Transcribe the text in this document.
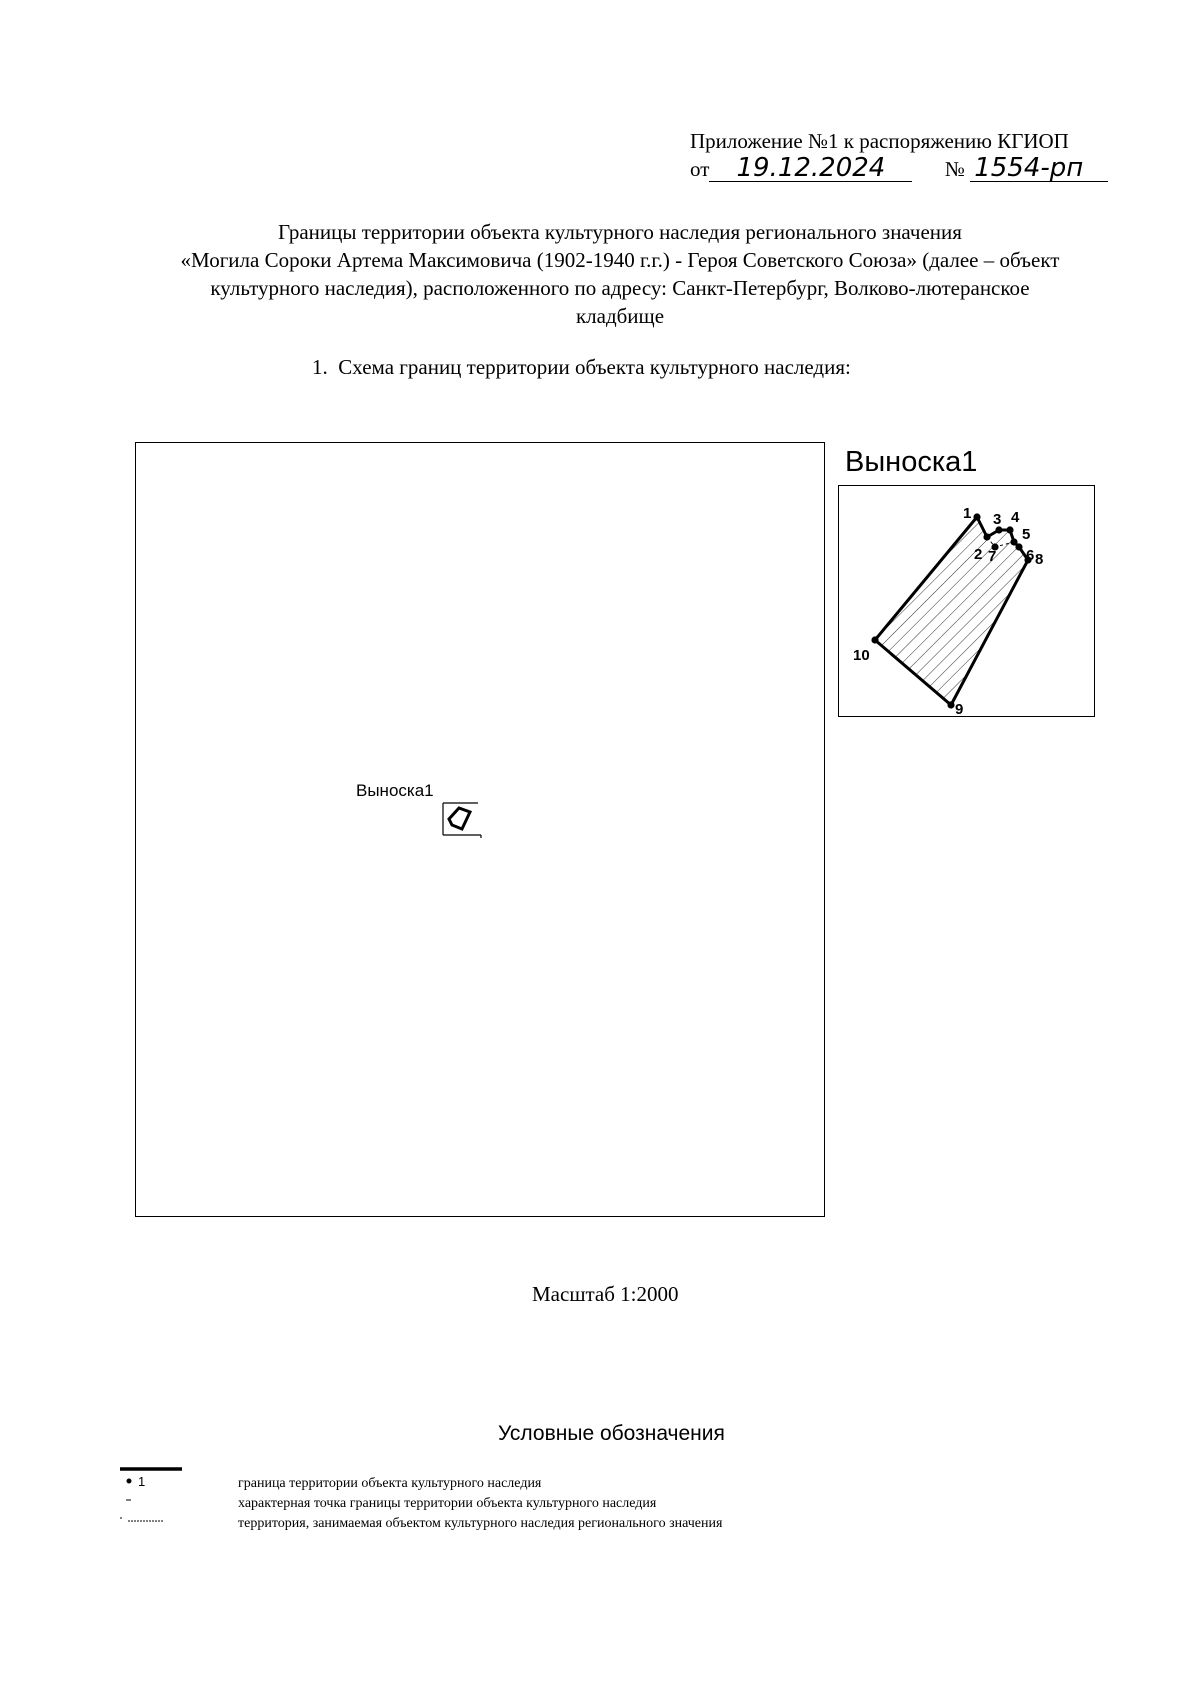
Приложение №1 к распоряжению КГИОП
от 19.12.2024	№ 1554-рп
Границы территории объекта культурного наследия регионального значения
«Могила Сороки Артема Максимовича (1902-1940 г.г.) - Героя Советского Союза» (далее – объект
культурного наследия), расположенного по адресу: Санкт-Петербург, Волково-лютеранское
кладбище
1. Схема границ территории объекта культурного наследия:
Выноска1
Выноска1
1
2
3 4
5
6
7	8
9
10
Масштаб 1:2000
Условные обозначения
1	граница территории объекта культурного наследия
характерная точка границы территории объекта культурного наследия
территория, занимаемая объектом культурного наследия регионального значения
